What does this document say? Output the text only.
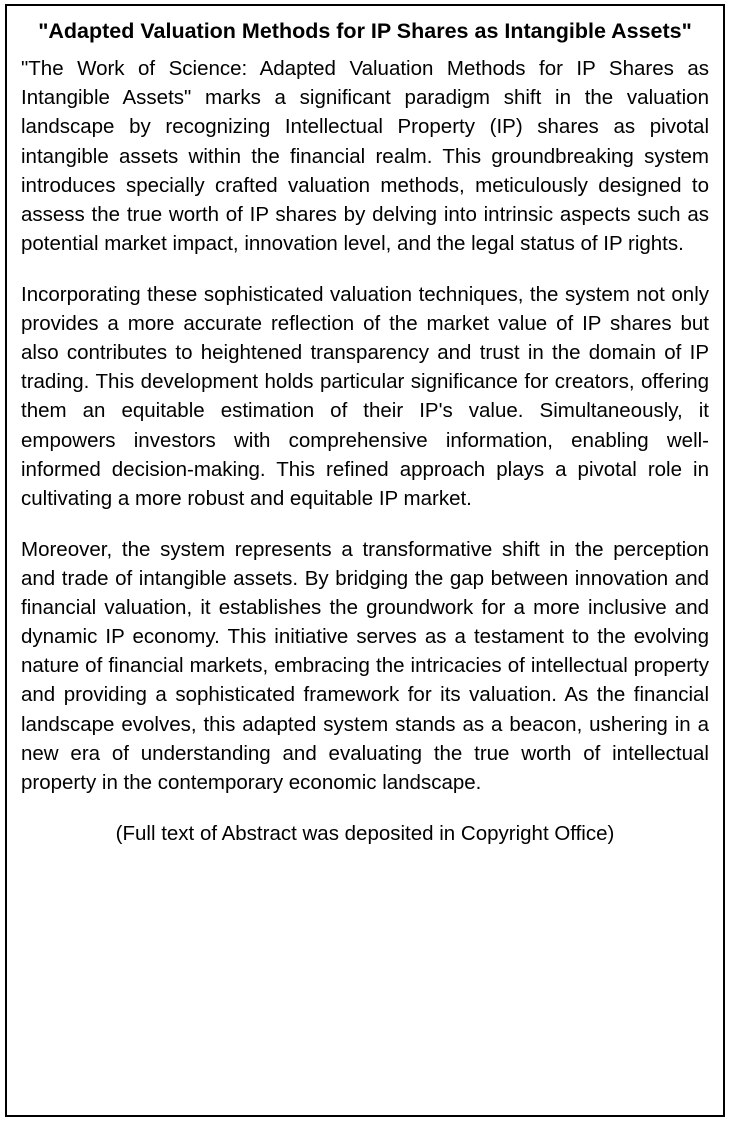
"Adapted Valuation Methods for IP Shares as Intangible Assets"

"The Work of Science: Adapted Valuation Methods for IP Shares as Intangible Assets" marks a significant paradigm shift in the valuation landscape by recognizing Intellectual Property (IP) shares as pivotal intangible assets within the financial realm. This groundbreaking system introduces specially crafted valuation methods, meticulously designed to assess the true worth of IP shares by delving into intrinsic aspects such as potential market impact, innovation level, and the legal status of IP rights.

Incorporating these sophisticated valuation techniques, the system not only provides a more accurate reflection of the market value of IP shares but also contributes to heightened transparency and trust in the domain of IP trading. This development holds particular significance for creators, offering them an equitable estimation of their IP's value. Simultaneously, it empowers investors with comprehensive information, enabling well-informed decision-making. This refined approach plays a pivotal role in cultivating a more robust and equitable IP market.

Moreover, the system represents a transformative shift in the perception and trade of intangible assets. By bridging the gap between innovation and financial valuation, it establishes the groundwork for a more inclusive and dynamic IP economy. This initiative serves as a testament to the evolving nature of financial markets, embracing the intricacies of intellectual property and providing a sophisticated framework for its valuation. As the financial landscape evolves, this adapted system stands as a beacon, ushering in a new era of understanding and evaluating the true worth of intellectual property in the contemporary economic landscape.

(Full text of Abstract was deposited in Copyright Office)
